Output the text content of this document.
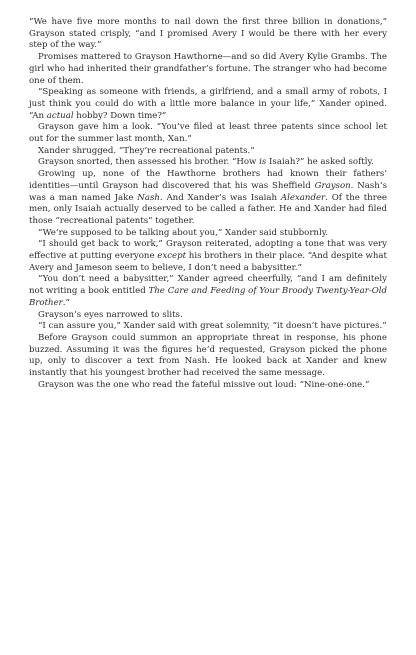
“We have five more months to nail down the first three billion in donations,” Grayson stated crisply, “and I promised Avery I would be there with her every step of the way.”

Promises mattered to Grayson Hawthorne—and so did Avery Kylie Grambs. The girl who had inherited their grandfather’s fortune. The stranger who had become one of them.

“Speaking as someone with friends, a girlfriend, and a small army of robots, I just think you could do with a little more balance in your life,” Xander opined. “An actual hobby? Down time?”

Grayson gave him a look. “You’ve filed at least three patents since school let out for the summer last month, Xan.”

Xander shrugged. “They’re recreational patents.”

Grayson snorted, then assessed his brother. “How is Isaiah?” he asked softly.

Growing up, none of the Hawthorne brothers had known their fathers’ identities—until Grayson had discovered that his was Sheffield Grayson. Nash’s was a man named Jake Nash. And Xander’s was Isaiah Alexander. Of the three men, only Isaiah actually deserved to be called a father. He and Xander had filed those “recreational patents” together.

“We’re supposed to be talking about you,” Xander said stubbornly.

“I should get back to work,” Grayson reiterated, adopting a tone that was very effective at putting everyone except his brothers in their place. “And despite what Avery and Jameson seem to believe, I don’t need a babysitter.”

“You don’t need a babysitter,” Xander agreed cheerfully, “and I am definitely not writing a book entitled The Care and Feeding of Your Broody Twenty-Year-Old Brother.”

Grayson’s eyes narrowed to slits.

“I can assure you,” Xander said with great solemnity, “it doesn’t have pictures.”

Before Grayson could summon an appropriate threat in response, his phone buzzed. Assuming it was the figures he’d requested, Grayson picked the phone up, only to discover a text from Nash. He looked back at Xander and knew instantly that his youngest brother had received the same message.

Grayson was the one who read the fateful missive out loud: “Nine-one-one.”
